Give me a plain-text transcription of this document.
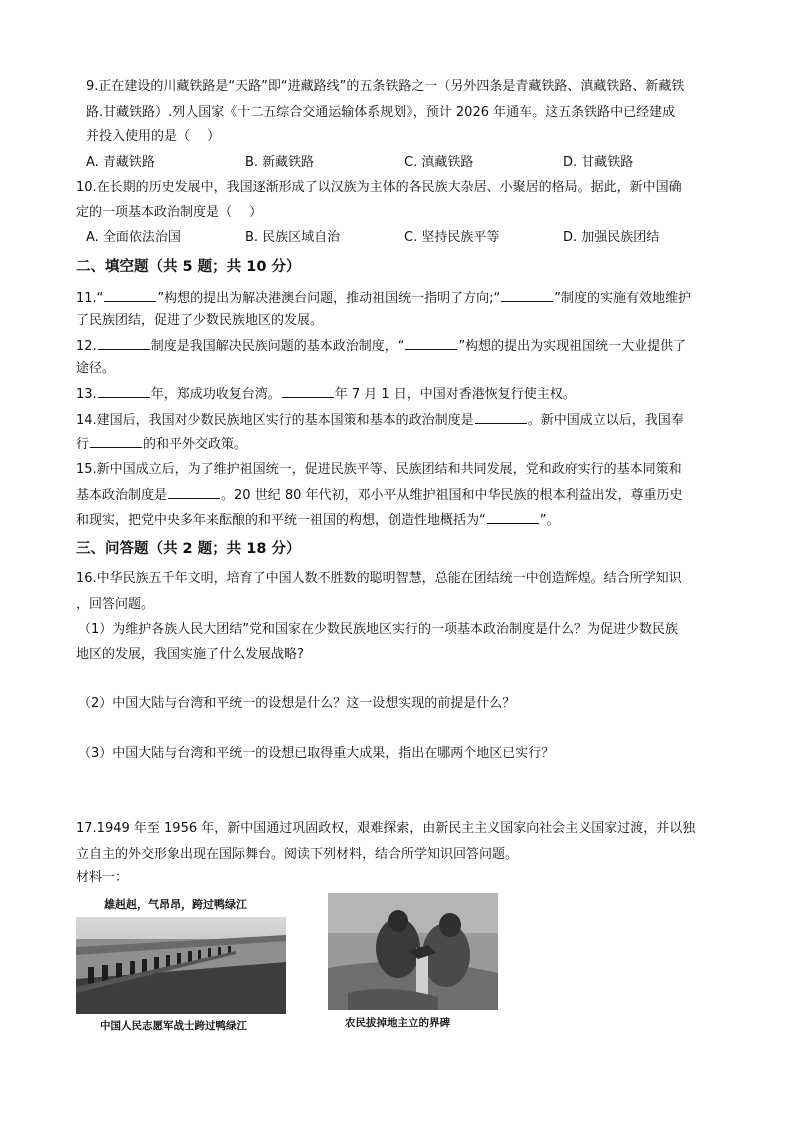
9.正在建设的川藏铁路是“天路”即“进藏路线”的五条铁路之一（另外四条是青藏铁路、滇藏铁路、新藏铁
路.甘藏铁路）.列人国家《十二五综合交通运输体系规划》，预计 2026 年通车。这五条铁路中已经建成
并投入使用的是（　 ）
A. 青藏铁路	B. 新藏铁路	C. 滇藏铁路	D. 甘藏铁路
10.在长期的历史发展中，我国逐渐形成了以汉族为主体的各民族大杂居、小聚居的格局。据此，新中国确
定的一项基本政治制度是（　 ）
A. 全面依法治国	B. 民族区域自治	C. 坚持民族平等	D. 加强民族团结
二、填空题（共 5 题；共 10 分）
11.“	”构想的提出为解决港澳台问题，推动祖国统一指明了方向;“	”制度的实施有效地维护
了民族团结，促进了少数民族地区的发展。
12.	制度是我国解决民族问题的基本政治制度，“	”构想的提出为实现祖国统一大业提供了
途径。
13.	年，郑成功收复台湾。	年 7 月 1 日，中国对香港恢复行使主权。
14.建国后，我国对少数民族地区实行的基本国策和基本的政治制度是	。新中国成立以后，我国奉
行	的和平外交政策。
15.新中国成立后，为了维护祖国统一，促进民族平等、民族团结和共同发展，党和政府实行的基本同策和
基本政治制度是	。20 世纪 80 年代初，邓小平从维护祖国和中华民族的根本利益出发，尊重历史
和现实，把党中央多年来酝酿的和平统一祖国的构想，创造性地概括为“	”。
三、问答题（共 2 题；共 18 分）
16.中华民族五千年文明，培育了中国人数不胜数的聪明智慧，总能在团结统一中创造辉煌。结合所学知识
，回答问题。
（1）为维护各族人民大团结”党和国家在少数民族地区实行的一项基本政治制度是什么？为促进少数民族
地区的发展，我国实施了什么发展战略?
（2）中国大陆与台湾和平统一的设想是什么？这一设想实现的前提是什么？
（3）中国大陆与台湾和平统一的设想已取得重大成果，指出在哪两个地区已实行？
17.1949 年至 1956 年，新中国通过巩固政权，艰难探索，由新民主主义国家向社会主义国家过渡，并以独
立自主的外交形象出现在国际舞台。阅读下列材料，结合所学知识回答问题。
材料一：
雄赳赳，气昂昂，跨过鸭绿江
中国人民志愿军战士跨过鸭绿江	农民拔掉地主立的界碑
